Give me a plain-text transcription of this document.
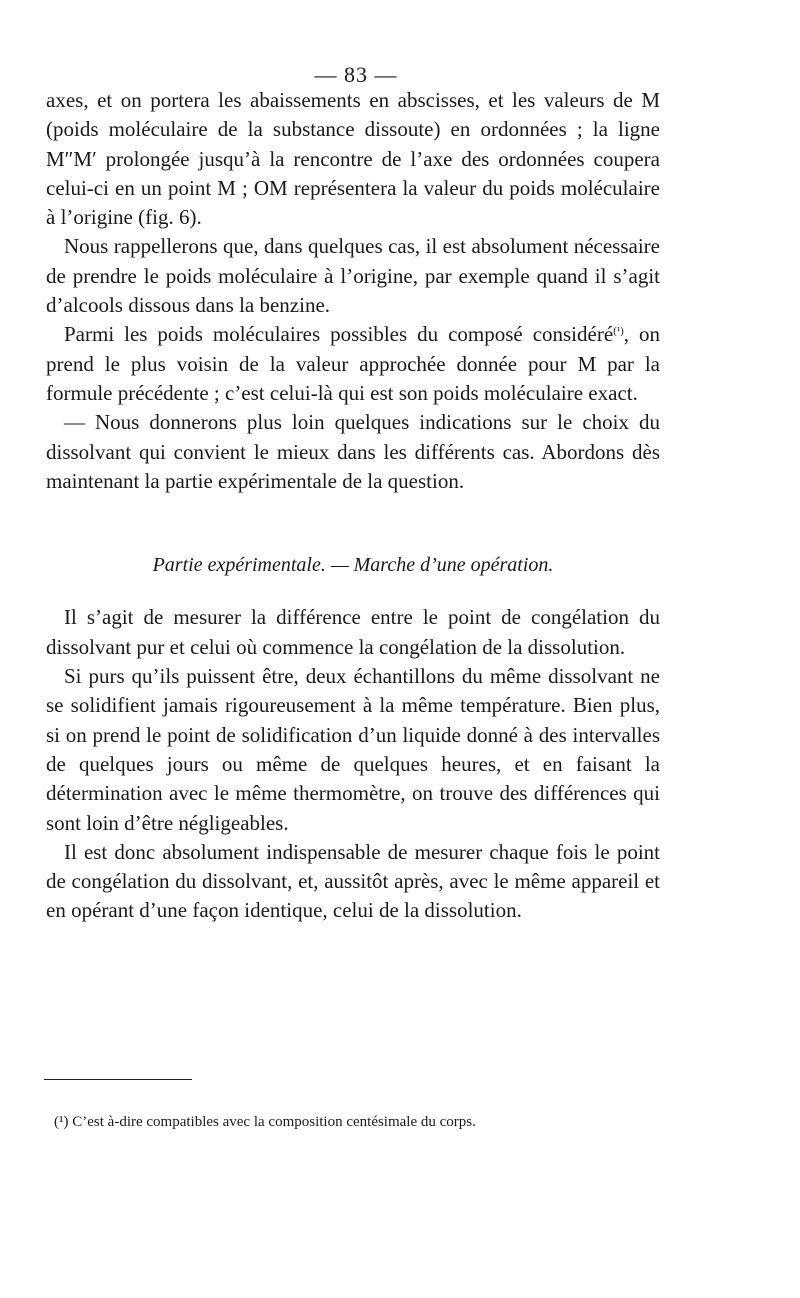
— 83 —

axes, et on portera les abaissements en abscisses, et les valeurs de M (poids moléculaire de la substance dissoute) en ordonnées ; la ligne M″M′ prolongée jusqu’à la rencontre de l’axe des ordonnées coupera celui-ci en un point M ; OM représentera la valeur du poids moléculaire à l’origine (fig. 6).

Nous rappellerons que, dans quelques cas, il est absolument nécessaire de prendre le poids moléculaire à l’origine, par exemple quand il s’agit d’alcools dissous dans la benzine.

Parmi les poids moléculaires possibles du composé considéré$^{(^1)}$, on prend le plus voisin de la valeur approchée donnée pour M par la formule précédente ; c’est celui-là qui est son poids moléculaire exact.

— Nous donnerons plus loin quelques indications sur le choix du dissolvant qui convient le mieux dans les différents cas. Abordons dès maintenant la partie expérimentale de la question.

Partie expérimentale. — Marche d’une opération.

Il s’agit de mesurer la différence entre le point de congélation du dissolvant pur et celui où commence la congélation de la dissolution.

Si purs qu’ils puissent être, deux échantillons du même dissolvant ne se solidifient jamais rigoureusement à la même température. Bien plus, si on prend le point de solidification d’un liquide donné à des intervalles de quelques jours ou même de quelques heures, et en faisant la détermination avec le même thermomètre, on trouve des différences qui sont loin d’être négligeables.

Il est donc absolument indispensable de mesurer chaque fois le point de congélation du dissolvant, et, aussitôt après, avec le même appareil et en opérant d’une façon identique, celui de la dissolution.

(¹) C’est à-dire compatibles avec la composition centésimale du corps.
